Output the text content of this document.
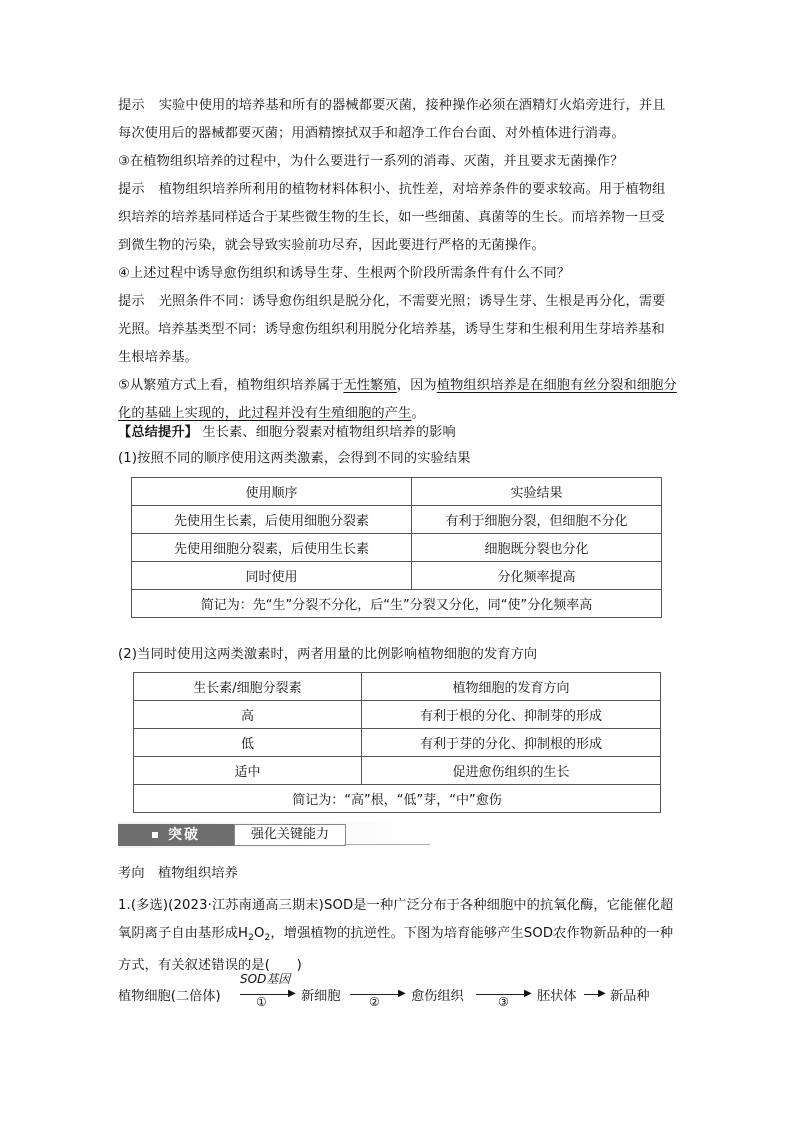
提示 实验中使用的培养基和所有的器械都要灭菌，接种操作必须在酒精灯火焰旁进行，并且每次使用后的器械都要灭菌；用酒精擦拭双手和超净工作台台面、对外植体进行消毒。
③在植物组织培养的过程中，为什么要进行一系列的消毒、灭菌，并且要求无菌操作？
提示 植物组织培养所利用的植物材料体积小、抗性差，对培养条件的要求较高。用于植物组织培养的培养基同样适合于某些微生物的生长，如一些细菌、真菌等的生长。而培养物一旦受到微生物的污染，就会导致实验前功尽弃，因此要进行严格的无菌操作。
④上述过程中诱导愈伤组织和诱导生芽、生根两个阶段所需条件有什么不同？
提示 光照条件不同：诱导愈伤组织是脱分化，不需要光照；诱导生芽、生根是再分化，需要光照。培养基类型不同：诱导愈伤组织利用脱分化培养基，诱导生芽和生根利用生芽培养基和生根培养基。
⑤从繁殖方式上看，植物组织培养属于无性繁殖，因为植物组织培养是在细胞有丝分裂和细胞分化的基础上实现的，此过程并没有生殖细胞的产生。
【总结提升】 生长素、细胞分裂素对植物组织培养的影响
(1)按照不同的顺序使用这两类激素，会得到不同的实验结果
使用顺序	实验结果
先使用生长素，后使用细胞分裂素	有利于细胞分裂，但细胞不分化
先使用细胞分裂素，后使用生长素	细胞既分裂也分化
同时使用	分化频率提高
简记为：先“生”分裂不分化，后“生”分裂又分化，同“使”分化频率高	
(2)当同时使用这两类激素时，两者用量的比例影响植物细胞的发育方向
生长素/细胞分裂素	植物细胞的发育方向
高	有利于根的分化、抑制芽的形成
低	有利于芽的分化、抑制根的形成
适中	促进愈伤组织的生长
简记为：“高”根，“低”芽，“中”愈伤	
突破	强化关键能力
考向　植物组织培养
1.(多选)(2023·江苏南通高三期末)SOD是一种广泛分布于各种细胞中的抗氧化酶，它能催化超氧阴离子自由基形成$H_2O_2$，增强植物的抗逆性。下图为培育能够产生SOD农作物新品种的一种方式，有关叙述错误的是(　　)
植物细胞(二倍体)
SOD基因
▶
①	新细胞	▶
② 愈伤组织	▶
③ 胚状体 ▶ 新品种
